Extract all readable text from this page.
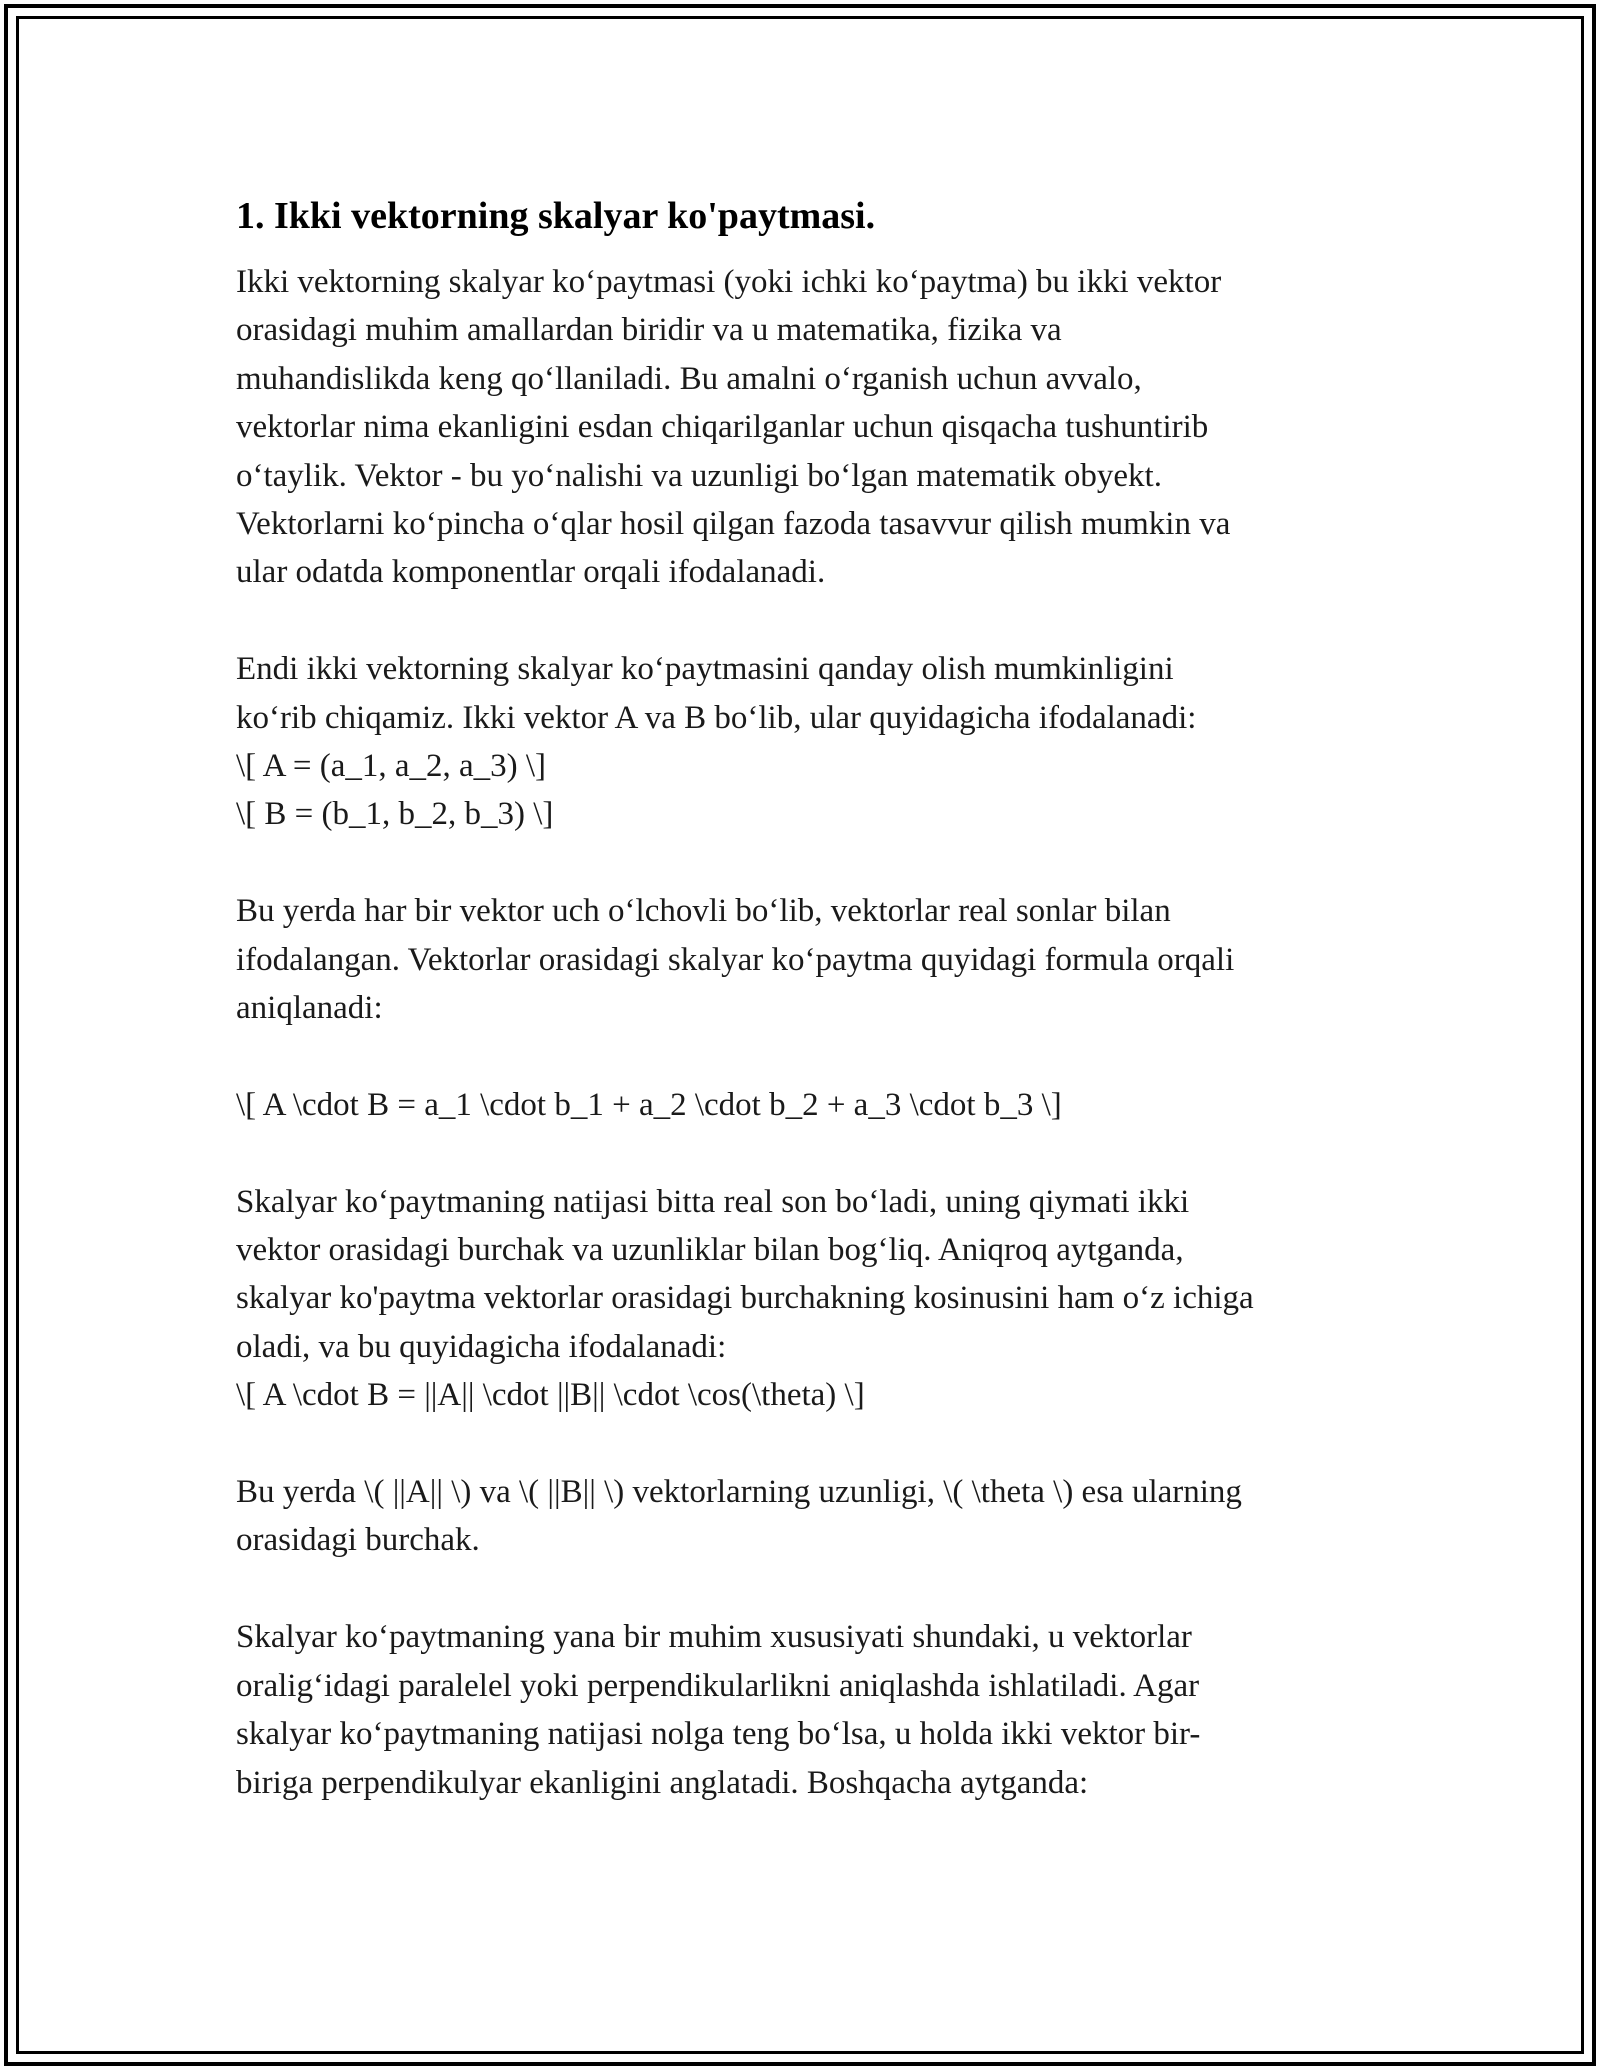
1. Ikki vektorning skalyar ko'paytmasi.

Ikki vektorning skalyar ko‘paytmasi (yoki ichki ko‘paytma) bu ikki vektor
orasidagi muhim amallardan biridir va u matematika, fizika va
muhandislikda keng qo‘llaniladi. Bu amalni o‘rganish uchun avvalo,
vektorlar nima ekanligini esdan chiqarilganlar uchun qisqacha tushuntirib
o‘taylik. Vektor - bu yo‘nalishi va uzunligi bo‘lgan matematik obyekt.
Vektorlarni ko‘pincha o‘qlar hosil qilgan fazoda tasavvur qilish mumkin va
ular odatda komponentlar orqali ifodalanadi.

Endi ikki vektorning skalyar ko‘paytmasini qanday olish mumkinligini
ko‘rib chiqamiz. Ikki vektor A va B bo‘lib, ular quyidagicha ifodalanadi:
\[ A = (a_1, a_2, a_3) \]
\[ B = (b_1, b_2, b_3) \]

Bu yerda har bir vektor uch o‘lchovli bo‘lib, vektorlar real sonlar bilan
ifodalangan. Vektorlar orasidagi skalyar ko‘paytma quyidagi formula orqali
aniqlanadi:

\[ A \cdot B = a_1 \cdot b_1 + a_2 \cdot b_2 + a_3 \cdot b_3 \]

Skalyar ko‘paytmaning natijasi bitta real son bo‘ladi, uning qiymati ikki
vektor orasidagi burchak va uzunliklar bilan bog‘liq. Aniqroq aytganda,
skalyar ko'paytma vektorlar orasidagi burchakning kosinusini ham o‘z ichiga
oladi, va bu quyidagicha ifodalanadi:
\[ A \cdot B = ||A|| \cdot ||B|| \cdot \cos(\theta) \]

Bu yerda \( ||A|| \) va \( ||B|| \) vektorlarning uzunligi, \( \theta \) esa ularning
orasidagi burchak.

Skalyar ko‘paytmaning yana bir muhim xususiyati shundaki, u vektorlar
oralig‘idagi paralelel yoki perpendikularlikni aniqlashda ishlatiladi. Agar
skalyar ko‘paytmaning natijasi nolga teng bo‘lsa, u holda ikki vektor bir-
biriga perpendikulyar ekanligini anglatadi. Boshqacha aytganda:
